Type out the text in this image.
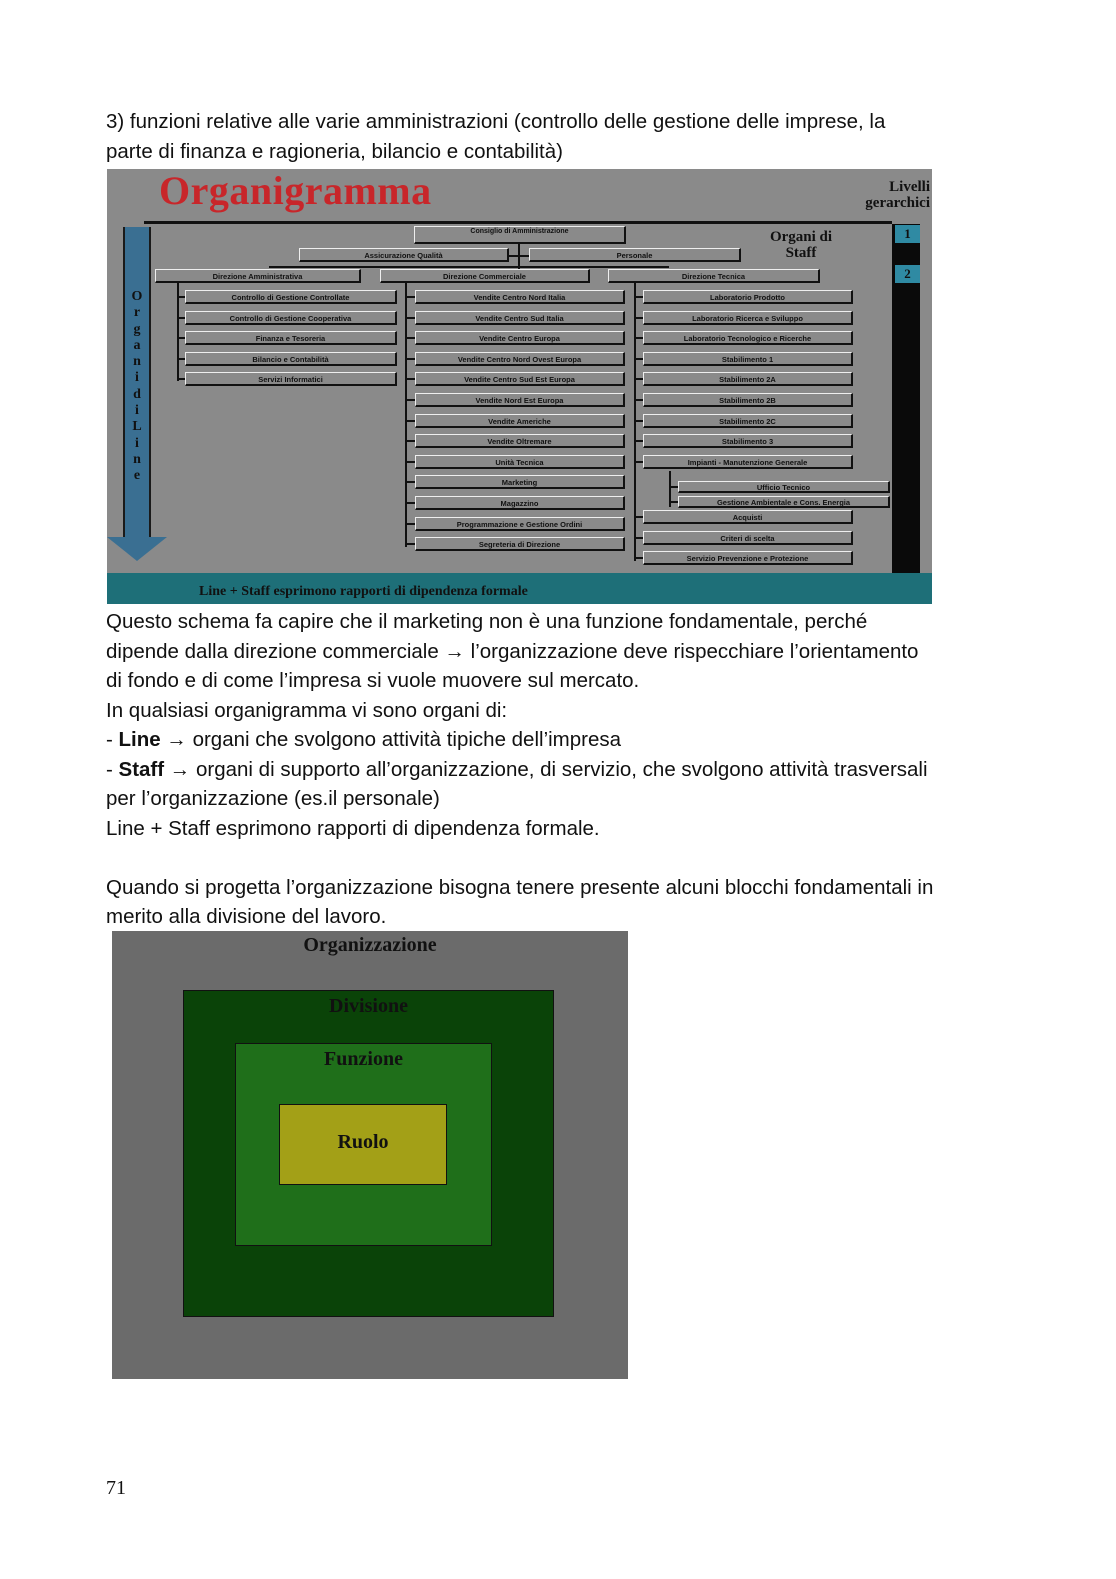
3) funzioni relative alle varie amministrazioni (controllo delle gestione delle imprese, la
parte di finanza e ragioneria, bilancio e contabilità)
Organigramma	Livelli
gerarchici
1
2
Organi di
Staff
O
r
g
a
n
i
d
i
L
i
n
e
Consiglio di Amministrazione
Assicurazione Qualità	Personale
Direzione Amministrativa	Direzione Commerciale	Direzione Tecnica
Controllo di Gestione Controllate
Controllo di Gestione Cooperativa
Finanza e Tesoreria
Bilancio e Contabilità
Servizi Informatici
Vendite Centro Nord Italia
Vendite Centro Sud Italia
Vendite Centro Europa
Vendite Centro Nord Ovest Europa
Vendite Centro Sud Est Europa
Vendite Nord Est Europa
Vendite Americhe
Vendite Oltremare
Unità Tecnica
Marketing
Magazzino
Programmazione e Gestione Ordini
Segreteria di Direzione
Laboratorio Prodotto
Laboratorio Ricerca e Sviluppo
Laboratorio Tecnologico e Ricerche
Stabilimento 1
Stabilimento 2A
Stabilimento 2B
Stabilimento 2C
Stabilimento 3
Impianti - Manutenzione Generale
Ufficio Tecnico
Gestione Ambientale e Cons. Energia
Acquisti
Criteri di scelta
Servizio Prevenzione e Protezione
Line + Staff esprimono rapporti di dipendenza formale
Questo schema fa capire che il marketing non è una funzione fondamentale, perché
dipende dalla direzione commerciale → l’organizzazione deve rispecchiare l’orientamento
di fondo e di come l’impresa si vuole muovere sul mercato.
In qualsiasi organigramma vi sono organi di:
- Line → organi che svolgono attività tipiche dell’impresa
- Staff → organi di supporto all’organizzazione, di servizio, che svolgono attività trasversali
per l’organizzazione (es.il personale)
Line + Staff esprimono rapporti di dipendenza formale.
Quando si progetta l’organizzazione bisogna tenere presente alcuni blocchi fondamentali in
merito alla divisione del lavoro.
Organizzazione
Divisione
Funzione
Ruolo
71
